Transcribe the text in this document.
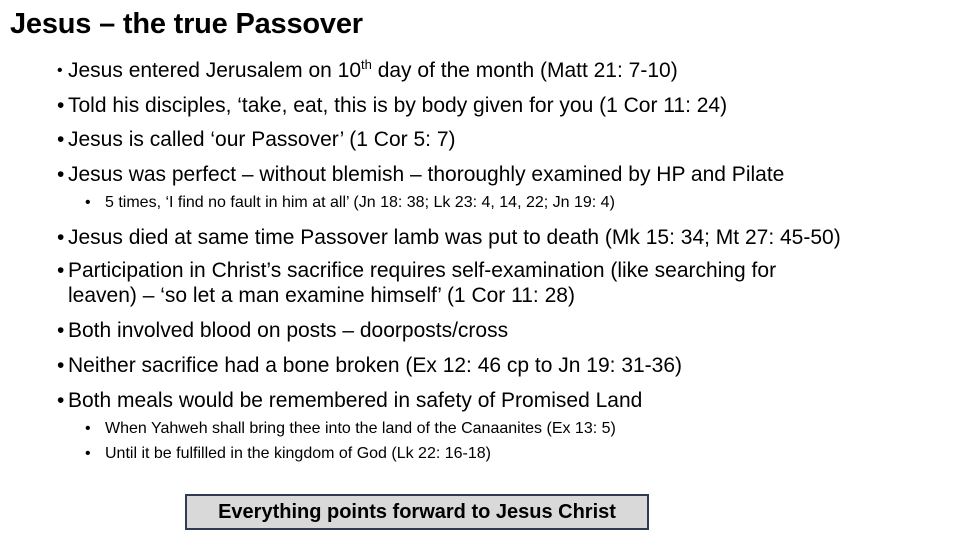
Jesus – the true Passover
• Jesus entered Jerusalem on 10th day of the month (Matt 21: 7-10)
• Told his disciples, ‘take, eat, this is by body given for you (1 Cor 11: 24)
• Jesus is called ‘our Passover’ (1 Cor 5: 7)
• Jesus was perfect – without blemish – thoroughly examined by HP and Pilate
• 5 times, ‘I find no fault in him at all’ (Jn 18: 38; Lk 23: 4, 14, 22; Jn 19: 4)
• Jesus died at same time Passover lamb was put to death (Mk 15: 34; Mt 27: 45-50)
• Participation in Christ’s sacrifice requires self-examination (like searching for
leaven) – ‘so let a man examine himself’ (1 Cor 11: 28)
• Both involved blood on posts – doorposts/cross
• Neither sacrifice had a bone broken (Ex 12: 46 cp to Jn 19: 31-36)
• Both meals would be remembered in safety of Promised Land
• When Yahweh shall bring thee into the land of the Canaanites (Ex 13: 5)
• Until it be fulfilled in the kingdom of God (Lk 22: 16-18)
Everything points forward to Jesus Christ
